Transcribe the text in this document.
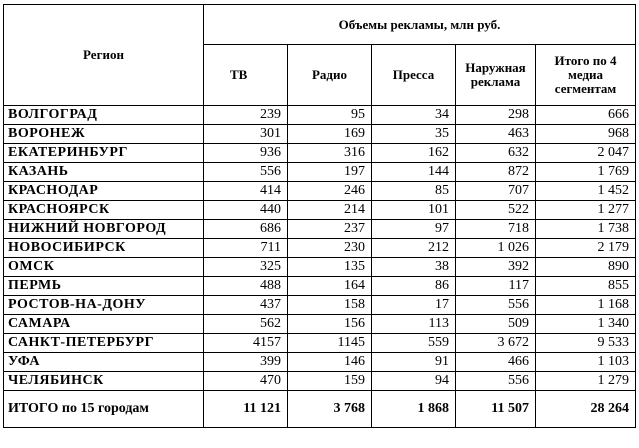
Регион	Объемы рекламы, млн руб.				
	ТВ	Радио	Пресса	Наружная реклама	Итого по 4 медиа сегментам
ВОЛГОГРАД	239	95	34	298	666
ВОРОНЕЖ	301	169	35	463	968
ЕКАТЕРИНБУРГ	936	316	162	632	2 047
КАЗАНЬ	556	197	144	872	1 769
КРАСНОДАР	414	246	85	707	1 452
КРАСНОЯРСК	440	214	101	522	1 277
НИЖНИЙ НОВГОРОД	686	237	97	718	1 738
НОВОСИБИРСК	711	230	212	1 026	2 179
ОМСК	325	135	38	392	890
ПЕРМЬ	488	164	86	117	855
РОСТОВ-НА-ДОНУ	437	158	17	556	1 168
САМАРА	562	156	113	509	1 340
САНКТ-ПЕТЕРБУРГ	4157	1145	559	3 672	9 533
УФА	399	146	91	466	1 103
ЧЕЛЯБИНСК	470	159	94	556	1 279
ИТОГО по 15 городам	11 121	3 768	1 868	11 507	28 264
